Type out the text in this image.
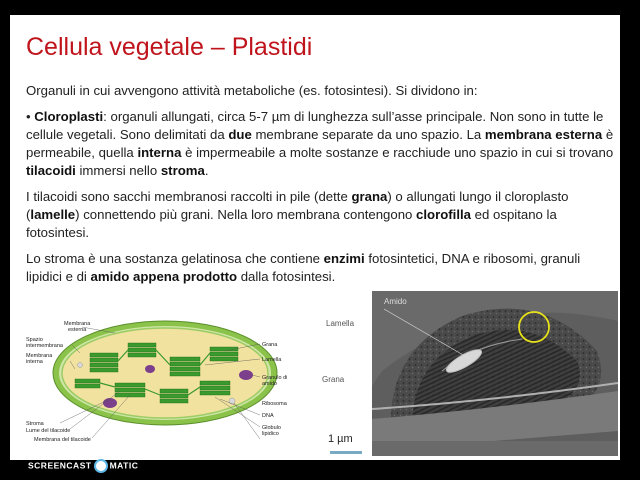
Cellula vegetale – Plastidi

Organuli in cui avvengono attività metaboliche (es. fotosintesi). Si dividono in:

• Cloroplasti: organuli allungati, circa 5-7 µm di lunghezza sull’asse principale. Non sono in tutte le cellule vegetali. Sono delimitati da due membrane separate da uno spazio. La membrana esterna è permeabile, quella interna è impermeabile a molte sostanze e racchiude uno spazio in cui si trovano tilacoidi immersi nello stroma.

I tilacoidi sono sacchi membranosi raccolti in pile (dette grana) o allungati lungo il cloroplasto (lamelle) connettendo più grani. Nella loro membrana contengono clorofilla ed ospitano la fotosintesi.

Lo stroma è una sostanza gelatinosa che contiene enzimi fotosintetici, DNA e ribosomi, granuli lipidici e di amido appena prodotto dalla fotosintesi.

Membrana
esterna
Spazio
intermembrana
Membrana
interna
Stroma
Lume del tilacoide
Membrana del tilacoide
Grana
Lamella
Granulo di
amido
Ribosoma
DNA
Globulo
lipidico
Lamella
Grana
Amido
1 µm
RECORDED WITH
SCREENCAST MATIC
